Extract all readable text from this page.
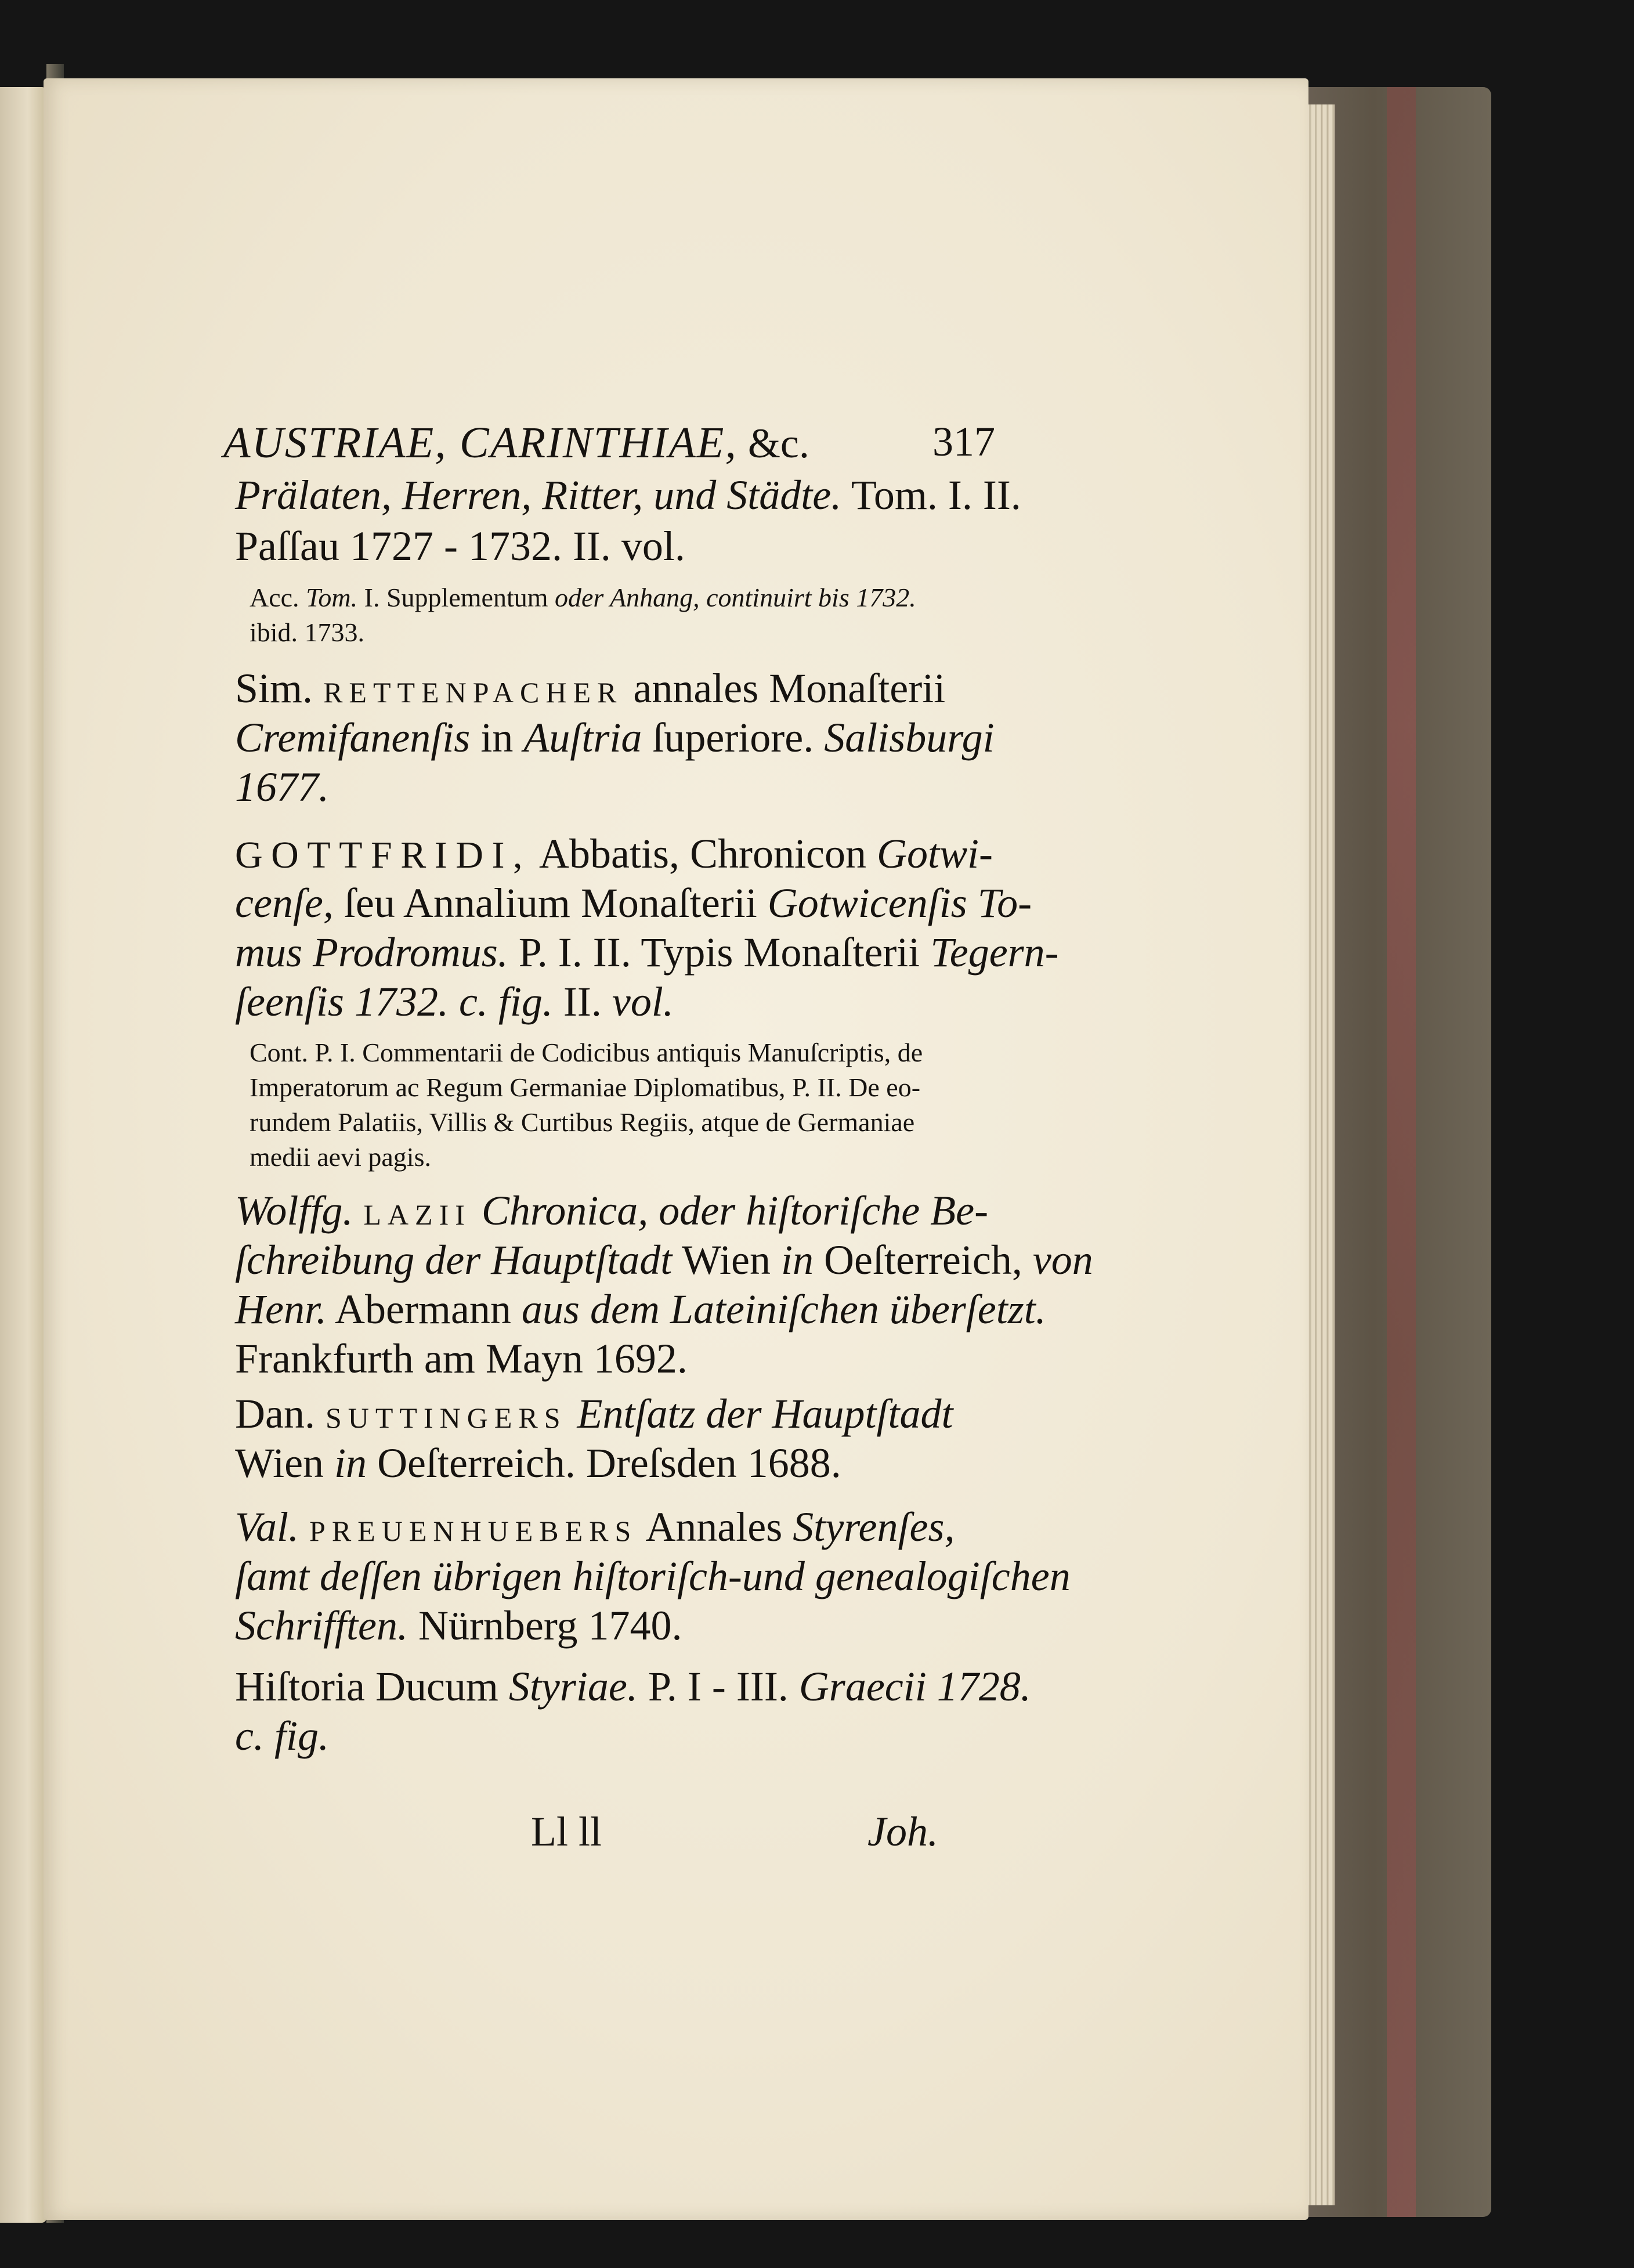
AUSTRIAE, CARINTHIAE, &c.	317
Prälaten, Herren, Ritter, und Städte. Tom. I. II.
Paſſau 1727 - 1732. II. vol.
Acc. Tom. I. Supplementum oder Anhang, continuirt bis 1732.
ibid. 1733.
Sim. RETTENPACHER annales Monaſterii
Cremifanenſis in Auſtria ſuperiore. Salisburgi
1677.
GOTTFRIDI, Abbatis, Chronicon Gotwi-
cenſe, ſeu Annalium Monaſterii Gotwicenſis To-
mus Prodromus. P. I. II. Typis Monaſterii Tegern-
ſeenſis 1732. c. fig. II. vol.
Cont. P. I. Commentarii de Codicibus antiquis Manuſcriptis, de
Imperatorum ac Regum Germaniae Diplomatibus, P. II. De eo-
rundem Palatiis, Villis & Curtibus Regiis, atque de Germaniae
medii aevi pagis.
Wolffg. LAZII Chronica, oder hiſtoriſche Be-
ſchreibung der Hauptſtadt Wien in Oeſterreich, von
Henr. Abermann aus dem Lateiniſchen überſetzt.
Frankfurth am Mayn 1692.
Dan. SUTTINGERS Entſatz der Hauptſtadt
Wien in Oeſterreich. Dreſsden 1688.
Val. PREUENHUEBERS Annales Styrenſes,
ſamt deſſen übrigen hiſtoriſch-und genealogiſchen
Schrifften. Nürnberg 1740.
Hiſtoria Ducum Styriae. P. I - III. Graecii 1728.
c. fig.
Ll ll	Joh.
